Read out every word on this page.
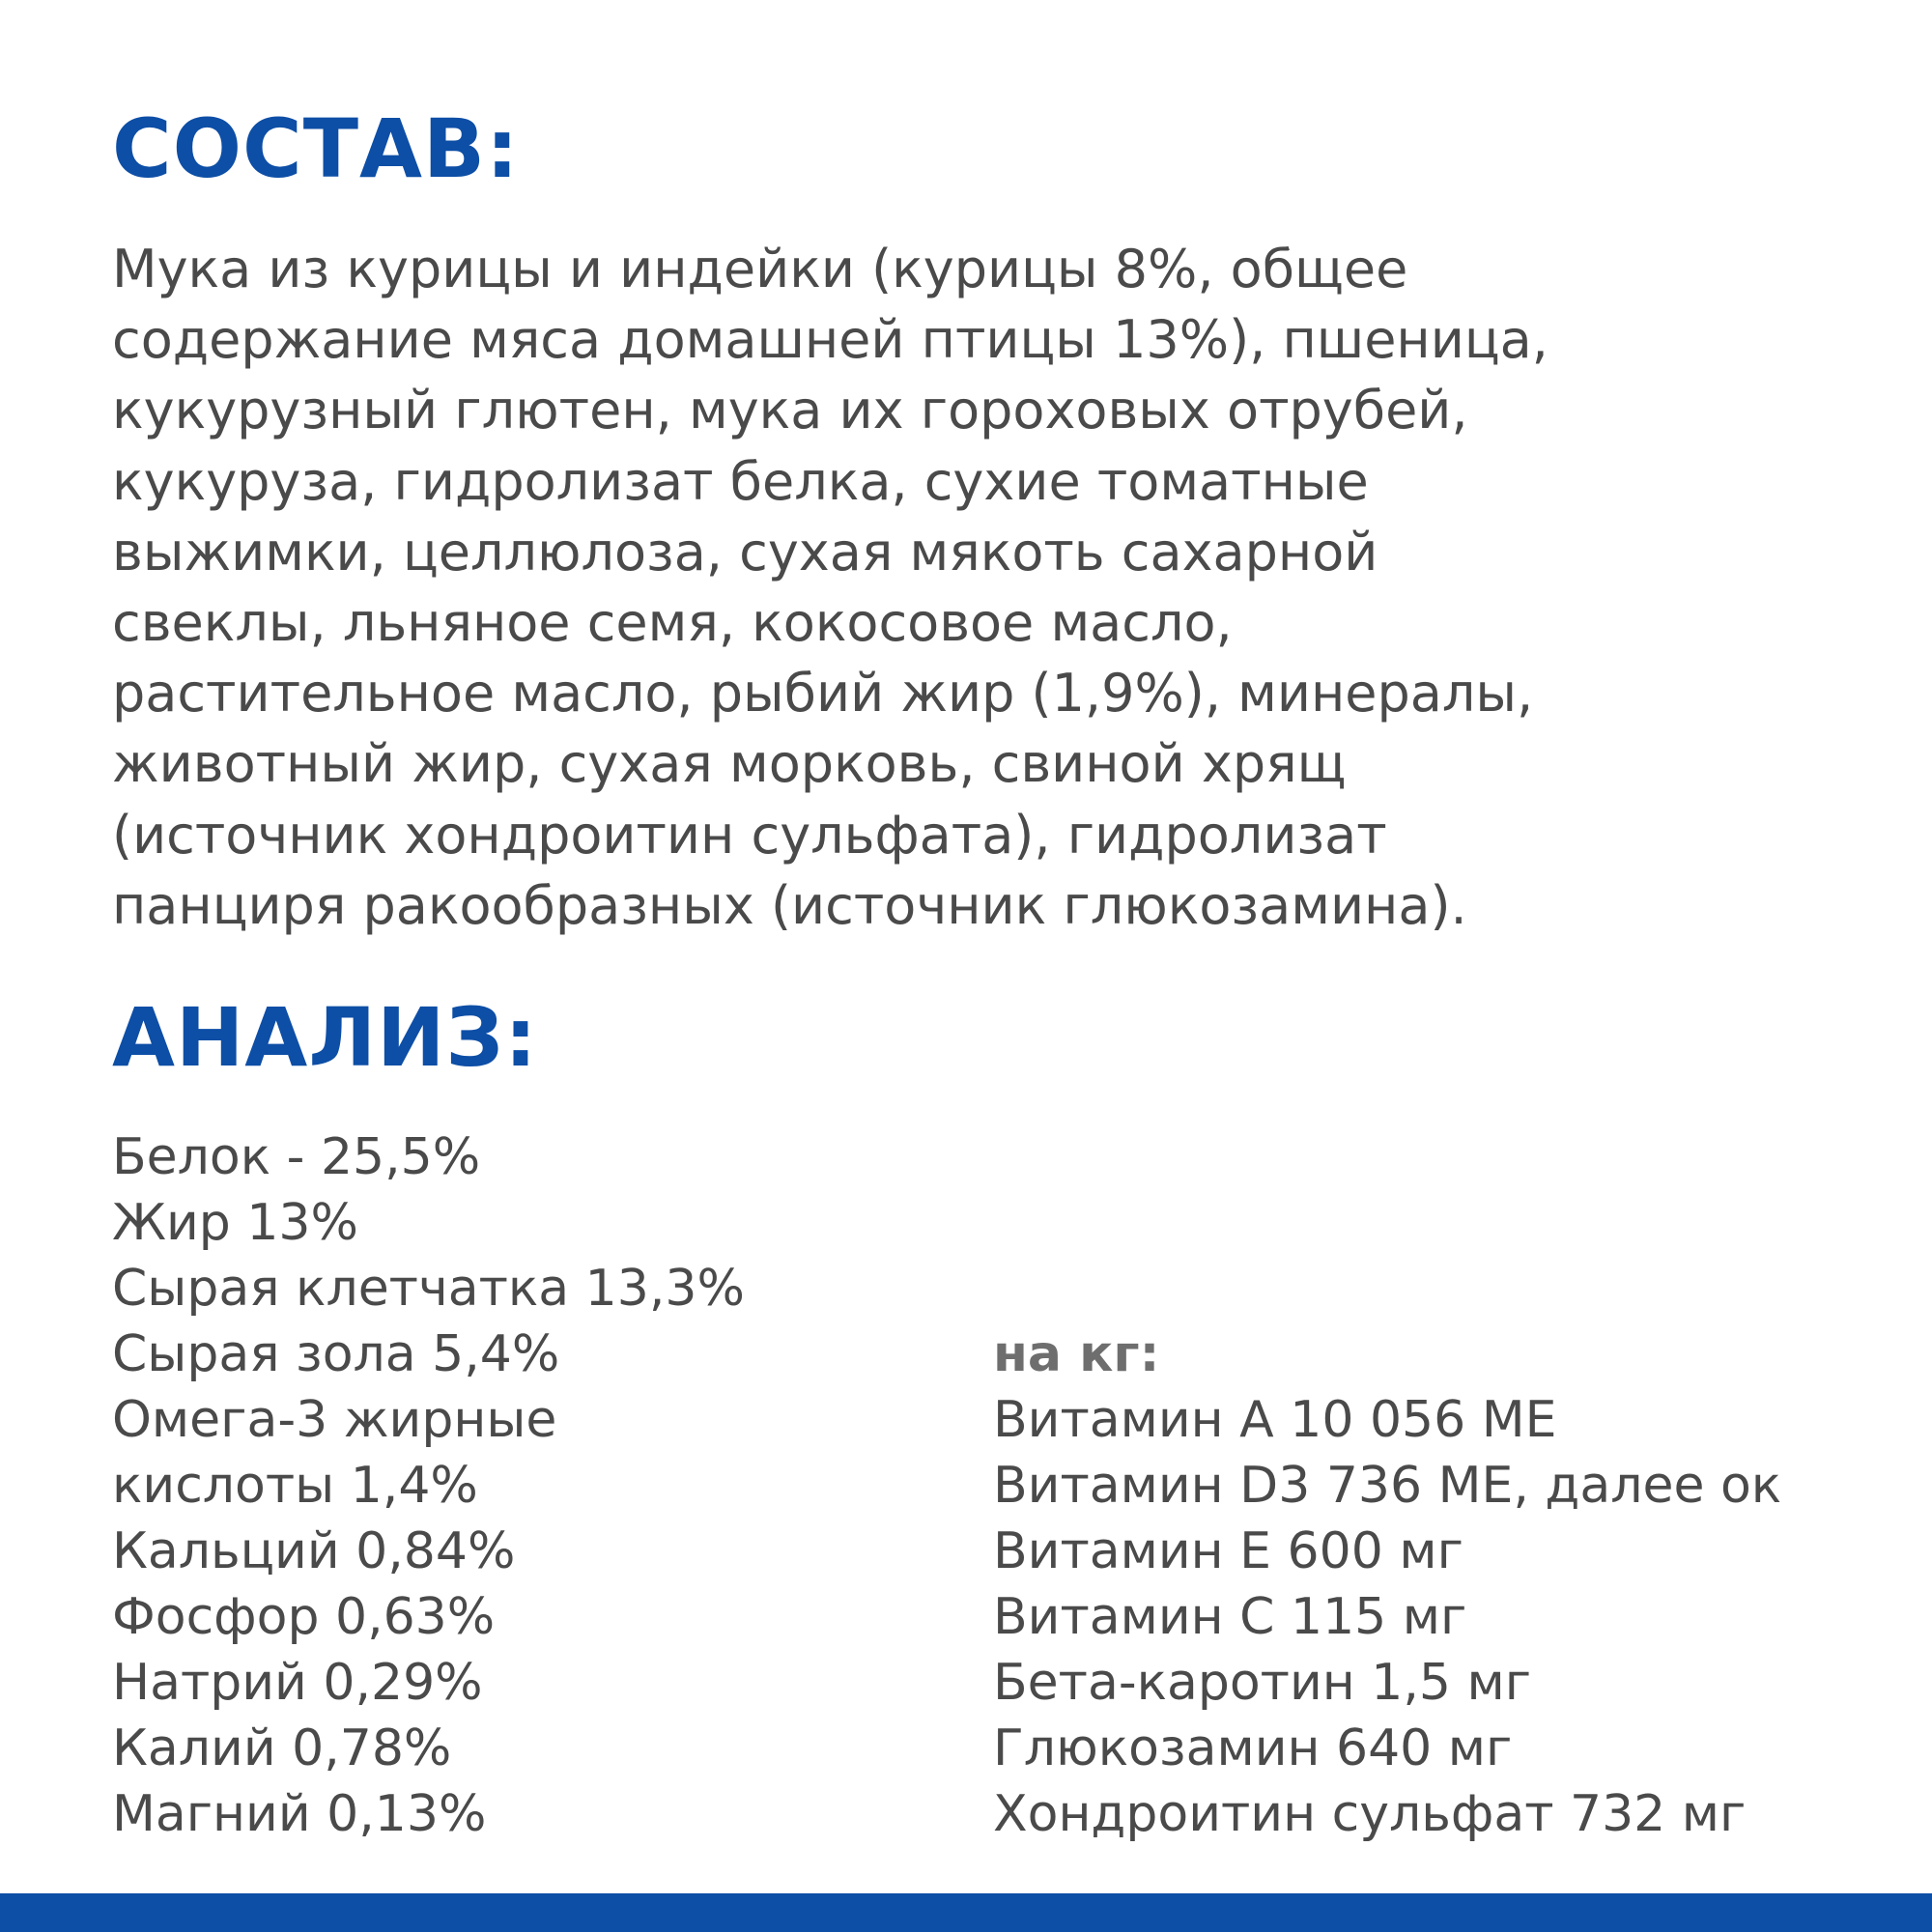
СОСТАВ:

Мука из курицы и индейки (курицы 8%, общее
содержание мяса домашней птицы 13%), пшеница,
кукурузный глютен, мука их гороховых отрубей,
кукуруза, гидролизат белка, сухие томатные
выжимки, целлюлоза, сухая мякоть сахарной
свеклы, льняное семя, кокосовое масло,
растительное масло, рыбий жир (1,9%), минералы,
животный жир, сухая морковь, свиной хрящ
(источник хондроитин сульфата), гидролизат
панциря ракообразных (источник глюкозамина).

АНАЛИЗ:
Белок - 25,5%
Жир 13%
Сырая клетчатка 13,3%
Сырая зола 5,4%
Омега-3 жирные
кислоты 1,4%
Кальций 0,84%
Фосфор 0,63%
Натрий 0,29%
Калий 0,78%
Магний 0,13%
на кг:
Витамин А 10 056 МЕ
Витамин D3 736 МЕ, далее ок
Витамин Е 600 мг
Витамин С 115 мг
Бета-каротин 1,5 мг
Глюкозамин 640 мг
Хондроитин сульфат 732 мг
